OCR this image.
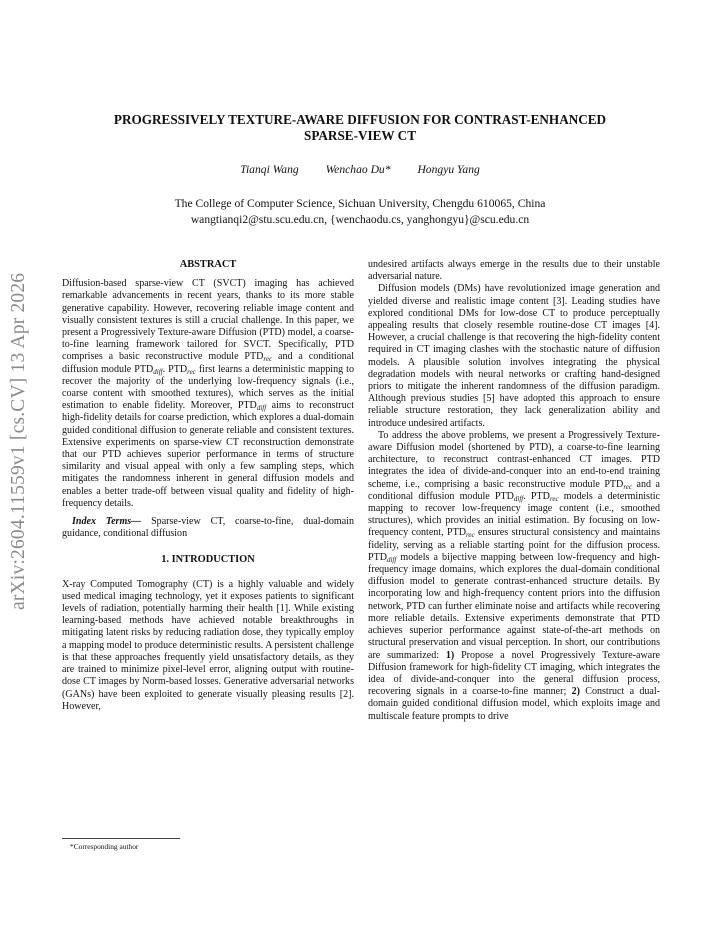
arXiv:2604.11559v1 [cs.CV] 13 Apr 2026
PROGRESSIVELY TEXTURE-AWARE DIFFUSION FOR CONTRAST-ENHANCED
SPARSE-VIEW CT
Tianqi Wang Wenchao Du* Hongyu Yang
The College of Computer Science, Sichuan University, Chengdu 610065, China
wangtianqi2@stu.scu.edu.cn, {wenchaodu.cs, yanghongyu}@scu.edu.cn
ABSTRACT

Diffusion-based sparse-view CT (SVCT) imaging has achieved remarkable advancements in recent years, thanks to its more stable generative capability. However, recovering reliable image content and visually consistent textures is still a crucial challenge. In this paper, we present a Progressively Texture-aware Diffusion (PTD) model, a coarse-to-fine learning framework tailored for SVCT. Specifically, PTD comprises a basic reconstructive module $PTD_{rec}$ and a conditional diffusion module $PTD_{diff}$. $PTD_{rec}$ first learns a deterministic mapping to recover the majority of the underlying low-frequency signals (i.e., coarse content with smoothed textures), which serves as the initial estimation to enable fidelity. Moreover, $PTD_{diff}$ aims to reconstruct high-fidelity details for coarse prediction, which explores a dual-domain guided conditional diffusion to generate reliable and consistent textures. Extensive experiments on sparse-view CT reconstruction demonstrate that our PTD achieves superior performance in terms of structure similarity and visual appeal with only a few sampling steps, which mitigates the randomness inherent in general diffusion models and enables a better trade-off between visual quality and fidelity of high-frequency details.

Index Terms— Sparse-view CT, coarse-to-fine, dual-domain guidance, conditional diffusion

1. INTRODUCTION

X-ray Computed Tomography (CT) is a highly valuable and widely used medical imaging technology, yet it exposes patients to significant levels of radiation, potentially harming their health [1]. While existing learning-based methods have achieved notable breakthroughs in mitigating latent risks by reducing radiation dose, they typically employ a mapping model to produce deterministic results. A persistent challenge is that these approaches frequently yield unsatisfactory details, as they are trained to minimize pixel-level error, aligning output with routine-dose CT images by Norm-based losses. Generative adversarial networks (GANs) have been exploited to generate visually pleasing results [2]. However,

*Corresponding author

undesired artifacts always emerge in the results due to their unstable adversarial nature.

Diffusion models (DMs) have revolutionized image generation and yielded diverse and realistic image content [3]. Leading studies have explored conditional DMs for low-dose CT to produce perceptually appealing results that closely resemble routine-dose CT images [4]. However, a crucial challenge is that recovering the high-fidelity content required in CT imaging clashes with the stochastic nature of diffusion models. A plausible solution involves integrating the physical degradation models with neural networks or crafting hand-designed priors to mitigate the inherent randomness of the diffusion paradigm. Although previous studies [5] have adopted this approach to ensure reliable structure restoration, they lack generalization ability and introduce undesired artifacts.

To address the above problems, we present a Progressively Texture-aware Diffusion model (shortened by PTD), a coarse-to-fine learning architecture, to reconstruct contrast-enhanced CT images. PTD integrates the idea of divide-and-conquer into an end-to-end training scheme, i.e., comprising a basic reconstructive module $PTD_{rec}$ and a conditional diffusion module $PTD_{diff}$. $PTD_{rec}$ models a deterministic mapping to recover low-frequency image content (i.e., smoothed structures), which provides an initial estimation. By focusing on low-frequency content, $PTD_{rec}$ ensures structural consistency and maintains fidelity, serving as a reliable starting point for the diffusion process. $PTD_{diff}$ models a bijective mapping between low-frequency and high-frequency image domains, which explores the dual-domain conditional diffusion model to generate contrast-enhanced structure details. By incorporating low and high-frequency content priors into the diffusion network, PTD can further eliminate noise and artifacts while recovering more reliable details. Extensive experiments demonstrate that PTD achieves superior performance against state-of-the-art methods on structural preservation and visual perception. In short, our contributions are summarized: 1) Propose a novel Progressively Texture-aware Diffusion framework for high-fidelity CT imaging, which integrates the idea of divide-and-conquer into the general diffusion process, recovering signals in a coarse-to-fine manner; 2) Construct a dual-domain guided conditional diffusion model, which exploits image and multiscale feature prompts to drive
